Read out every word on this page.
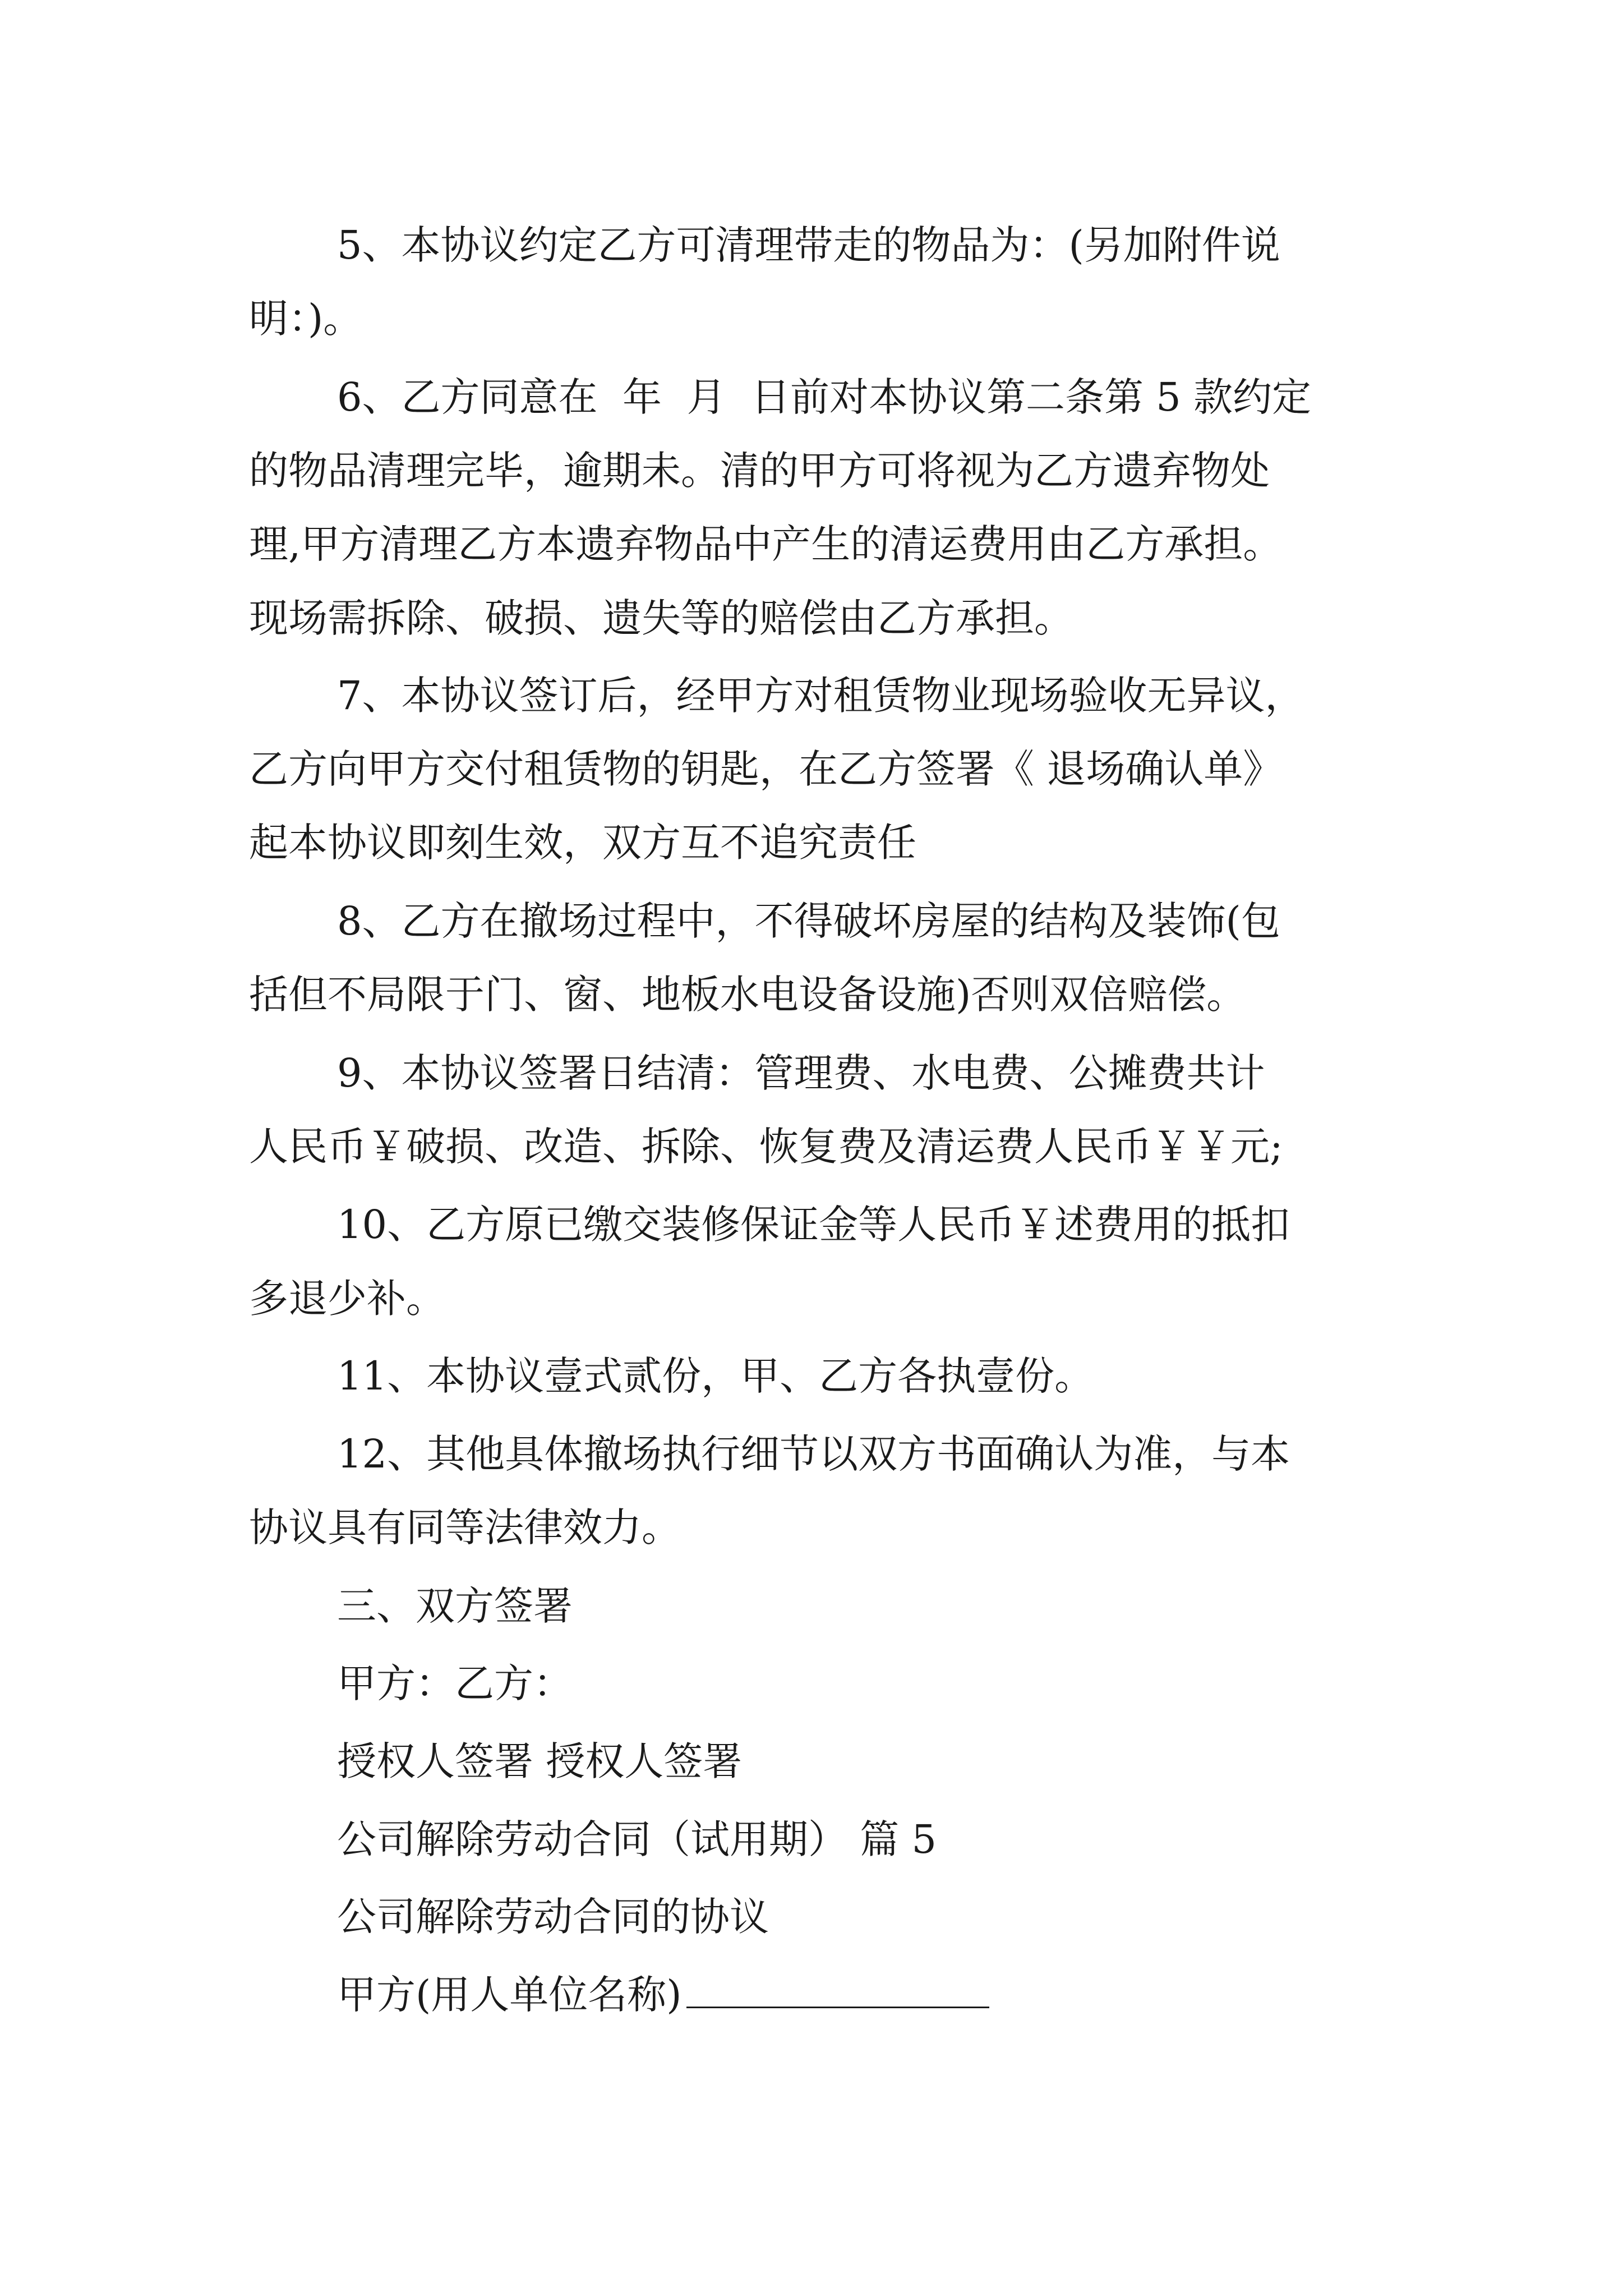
5、本协议约定乙方可清理带走的物品为：(另加附件说

明：)。

6、乙方同意在  年  月  日前对本协议第二条第 5 款约定

的物品清理完毕，逾期未。清的甲方可将视为乙方遗弃物处

理,甲方清理乙方本遗弃物品中产生的清运费用由乙方承担。

现场需拆除、破损、遗失等的赔偿由乙方承担。

7、本协议签订后，经甲方对租赁物业现场验收无异议，

乙方向甲方交付租赁物的钥匙，在乙方签署《 退场确认单》

起本协议即刻生效，双方互不追究责任

8、乙方在撤场过程中，不得破坏房屋的结构及装饰(包

括但不局限于门、窗、地板水电设备设施)否则双倍赔偿。

9、本协议签署日结清：管理费、水电费、公摊费共计

人民币￥破损、改造、拆除、恢复费及清运费人民币￥￥元;

10、乙方原已缴交装修保证金等人民币￥述费用的抵扣

多退少补。

11、本协议壹式贰份，甲、乙方各执壹份。

12、其他具体撤场执行细节以双方书面确认为准，与本

协议具有同等法律效力。

三、双方签署

甲方：乙方：

授权人签署 授权人签署

公司解除劳动合同（试用期） 篇 5

公司解除劳动合同的协议

甲方(用人单位名称)
